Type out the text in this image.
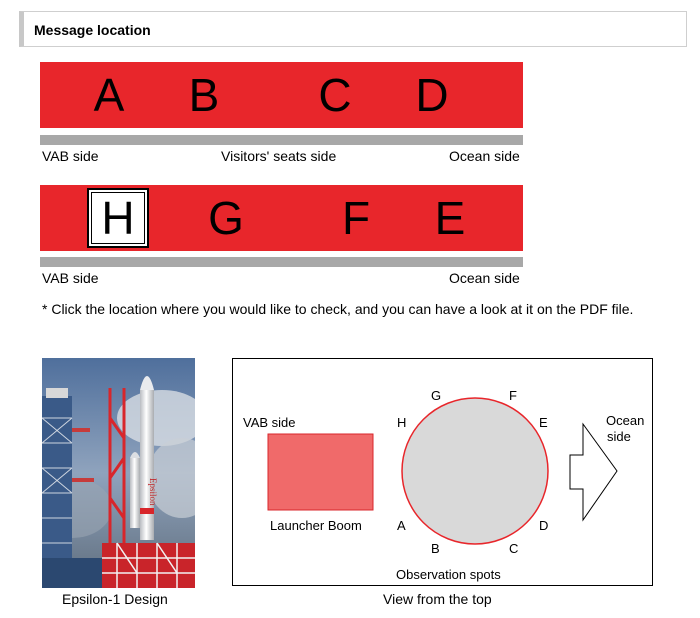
Message location
A	B	C D
VAB side	Visitors' seats side	Ocean side
H	G	F	E
VAB side	Ocean side
* Click the location where you would like to check, and you can have a look at it on the PDF file.
Epsilon
Epsilon-1 Design
VAB side
Launcher Boom
G	F
H	E
A	D
B	C
Ocean
side
Observation spots
View from the top
